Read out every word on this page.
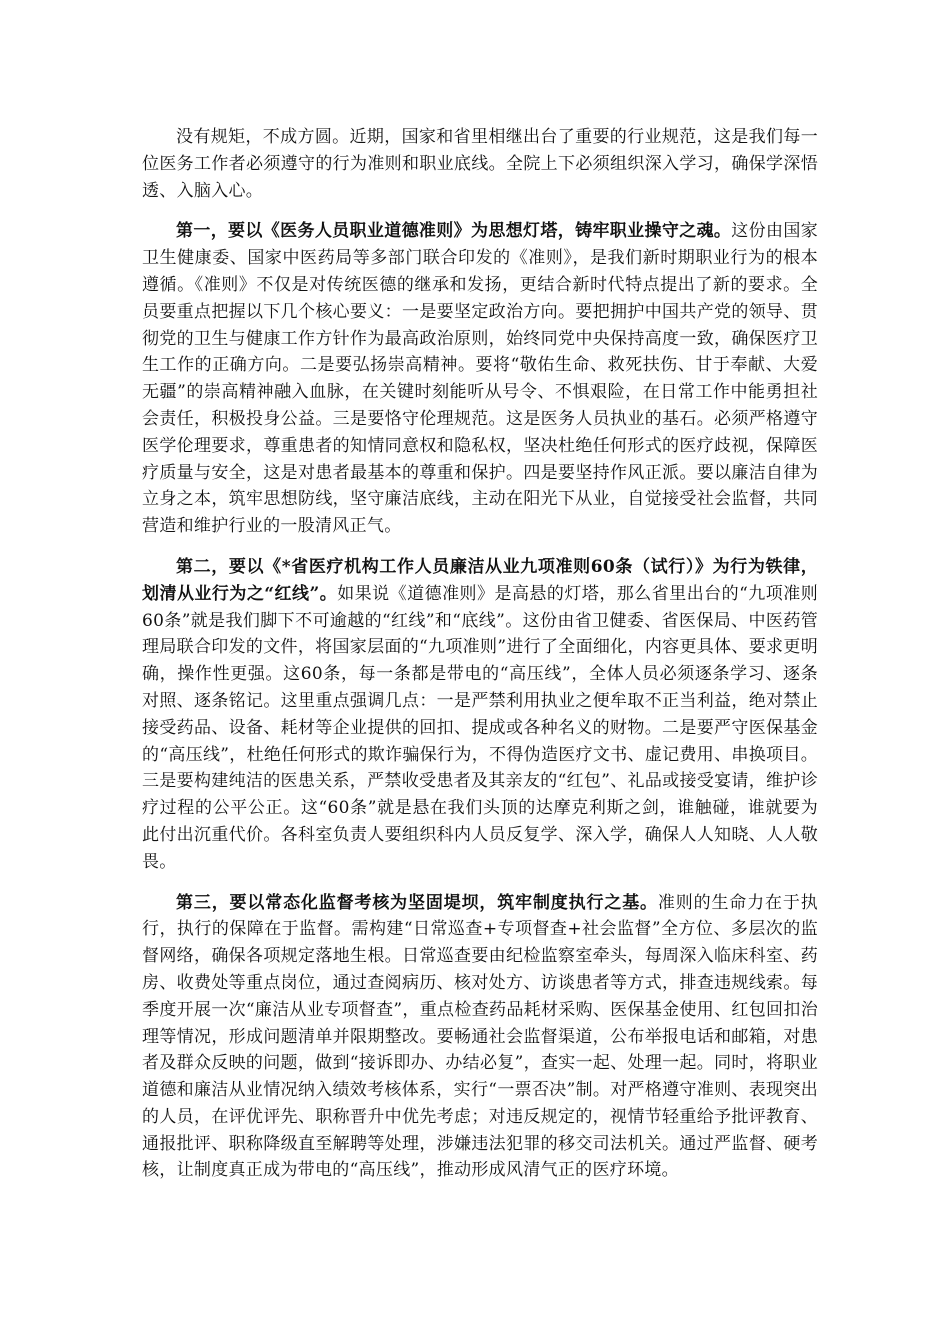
没有规矩，不成方圆。近期，国家和省里相继出台了重要的行业规范，这是我们每一位医务工作者必须遵守的行为准则和职业底线。全院上下必须组织深入学习，确保学深悟透、入脑入心。

第一，要以《医务人员职业道德准则》为思想灯塔，铸牢职业操守之魂。这份由国家卫生健康委、国家中医药局等多部门联合印发的《准则》，是我们新时期职业行为的根本遵循。《准则》不仅是对传统医德的继承和发扬，更结合新时代特点提出了新的要求。全员要重点把握以下几个核心要义：一是要坚定政治方向。要把拥护中国共产党的领导、贯彻党的卫生与健康工作方针作为最高政治原则，始终同党中央保持高度一致，确保医疗卫生工作的正确方向。二是要弘扬崇高精神。要将“敬佑生命、救死扶伤、甘于奉献、大爱无疆”的崇高精神融入血脉，在关键时刻能听从号令、不惧艰险，在日常工作中能勇担社会责任，积极投身公益。三是要恪守伦理规范。这是医务人员执业的基石。必须严格遵守医学伦理要求，尊重患者的知情同意权和隐私权，坚决杜绝任何形式的医疗歧视，保障医疗质量与安全，这是对患者最基本的尊重和保护。四是要坚持作风正派。要以廉洁自律为立身之本，筑牢思想防线，坚守廉洁底线，主动在阳光下从业，自觉接受社会监督，共同营造和维护行业的一股清风正气。

第二，要以《*省医疗机构工作人员廉洁从业九项准则60条（试行）》为行为铁律，划清从业行为之“红线”。如果说《道德准则》是高悬的灯塔，那么省里出台的“九项准则60条”就是我们脚下不可逾越的“红线”和“底线”。这份由省卫健委、省医保局、中医药管理局联合印发的文件，将国家层面的“九项准则”进行了全面细化，内容更具体、要求更明确，操作性更强。这60条，每一条都是带电的“高压线”，全体人员必须逐条学习、逐条对照、逐条铭记。这里重点强调几点：一是严禁利用执业之便牟取不正当利益，绝对禁止接受药品、设备、耗材等企业提供的回扣、提成或各种名义的财物。二是要严守医保基金的“高压线”，杜绝任何形式的欺诈骗保行为，不得伪造医疗文书、虚记费用、串换项目。三是要构建纯洁的医患关系，严禁收受患者及其亲友的“红包”、礼品或接受宴请，维护诊疗过程的公平公正。这“60条”就是悬在我们头顶的达摩克利斯之剑，谁触碰，谁就要为此付出沉重代价。各科室负责人要组织科内人员反复学、深入学，确保人人知晓、人人敬畏。

第三，要以常态化监督考核为坚固堤坝，筑牢制度执行之基。准则的生命力在于执行，执行的保障在于监督。需构建“日常巡查+专项督查+社会监督”全方位、多层次的监督网络，确保各项规定落地生根。日常巡查要由纪检监察室牵头，每周深入临床科室、药房、收费处等重点岗位，通过查阅病历、核对处方、访谈患者等方式，排查违规线索。每季度开展一次“廉洁从业专项督查”，重点检查药品耗材采购、医保基金使用、红包回扣治理等情况，形成问题清单并限期整改。要畅通社会监督渠道，公布举报电话和邮箱，对患者及群众反映的问题，做到“接诉即办、办结必复”，查实一起、处理一起。同时，将职业道德和廉洁从业情况纳入绩效考核体系，实行“一票否决”制。对严格遵守准则、表现突出的人员，在评优评先、职称晋升中优先考虑；对违反规定的，视情节轻重给予批评教育、通报批评、职称降级直至解聘等处理，涉嫌违法犯罪的移交司法机关。通过严监督、硬考核，让制度真正成为带电的“高压线”，推动形成风清气正的医疗环境。
